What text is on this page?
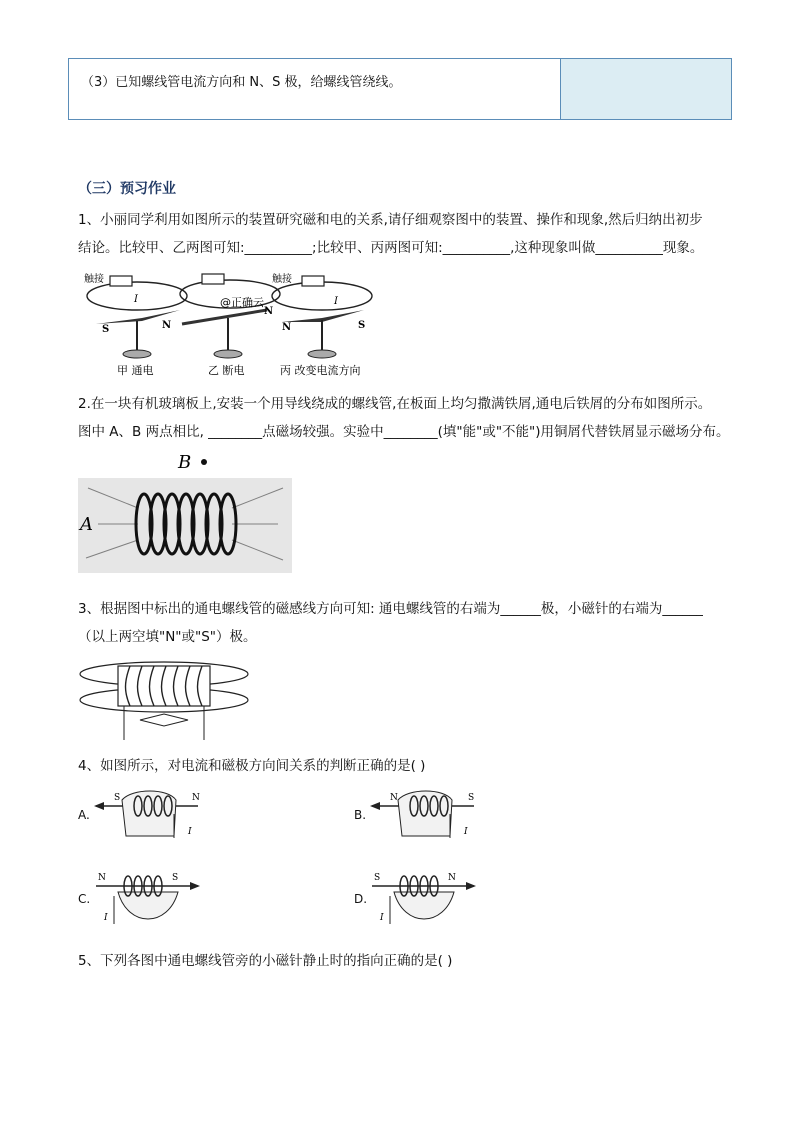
（3）已知螺线管电流方向和 N、S 极，给螺线管绕线。
（三）预习作业
1、小丽同学利用如图所示的装置研究磁和电的关系,请仔细观察图中的装置、操作和现象,然后归纳出初步
结论。比较甲、乙两图可知:__________;比较甲、丙两图可知:__________,这种现象叫做__________现象。
触接
I
S	N
甲 通电
@正确云
N
乙 断电
触接
I
N	S
丙 改变电流方向
2.在一块有机玻璃板上,安装一个用导线绕成的螺线管,在板面上均匀撒满铁屑,通电后铁屑的分布如图所示。
图中 A、B 两点相比, ________点磁场较强。实验中________(填"能"或"不能")用铜屑代替铁屑显示磁场分布。
B
A
3、根据图中标出的通电螺线管的磁感线方向可知: 通电螺线管的右端为______极，小磁针的右端为______
（以上两空填"N"或"S"）极。
4、如图所示，对电流和磁极方向间关系的判断正确的是( )
A.	B.
C.	D.
S	N
I
N	S
I
N	S
I
S	N
I
5、下列各图中通电螺线管旁的小磁针静止时的指向正确的是( )
